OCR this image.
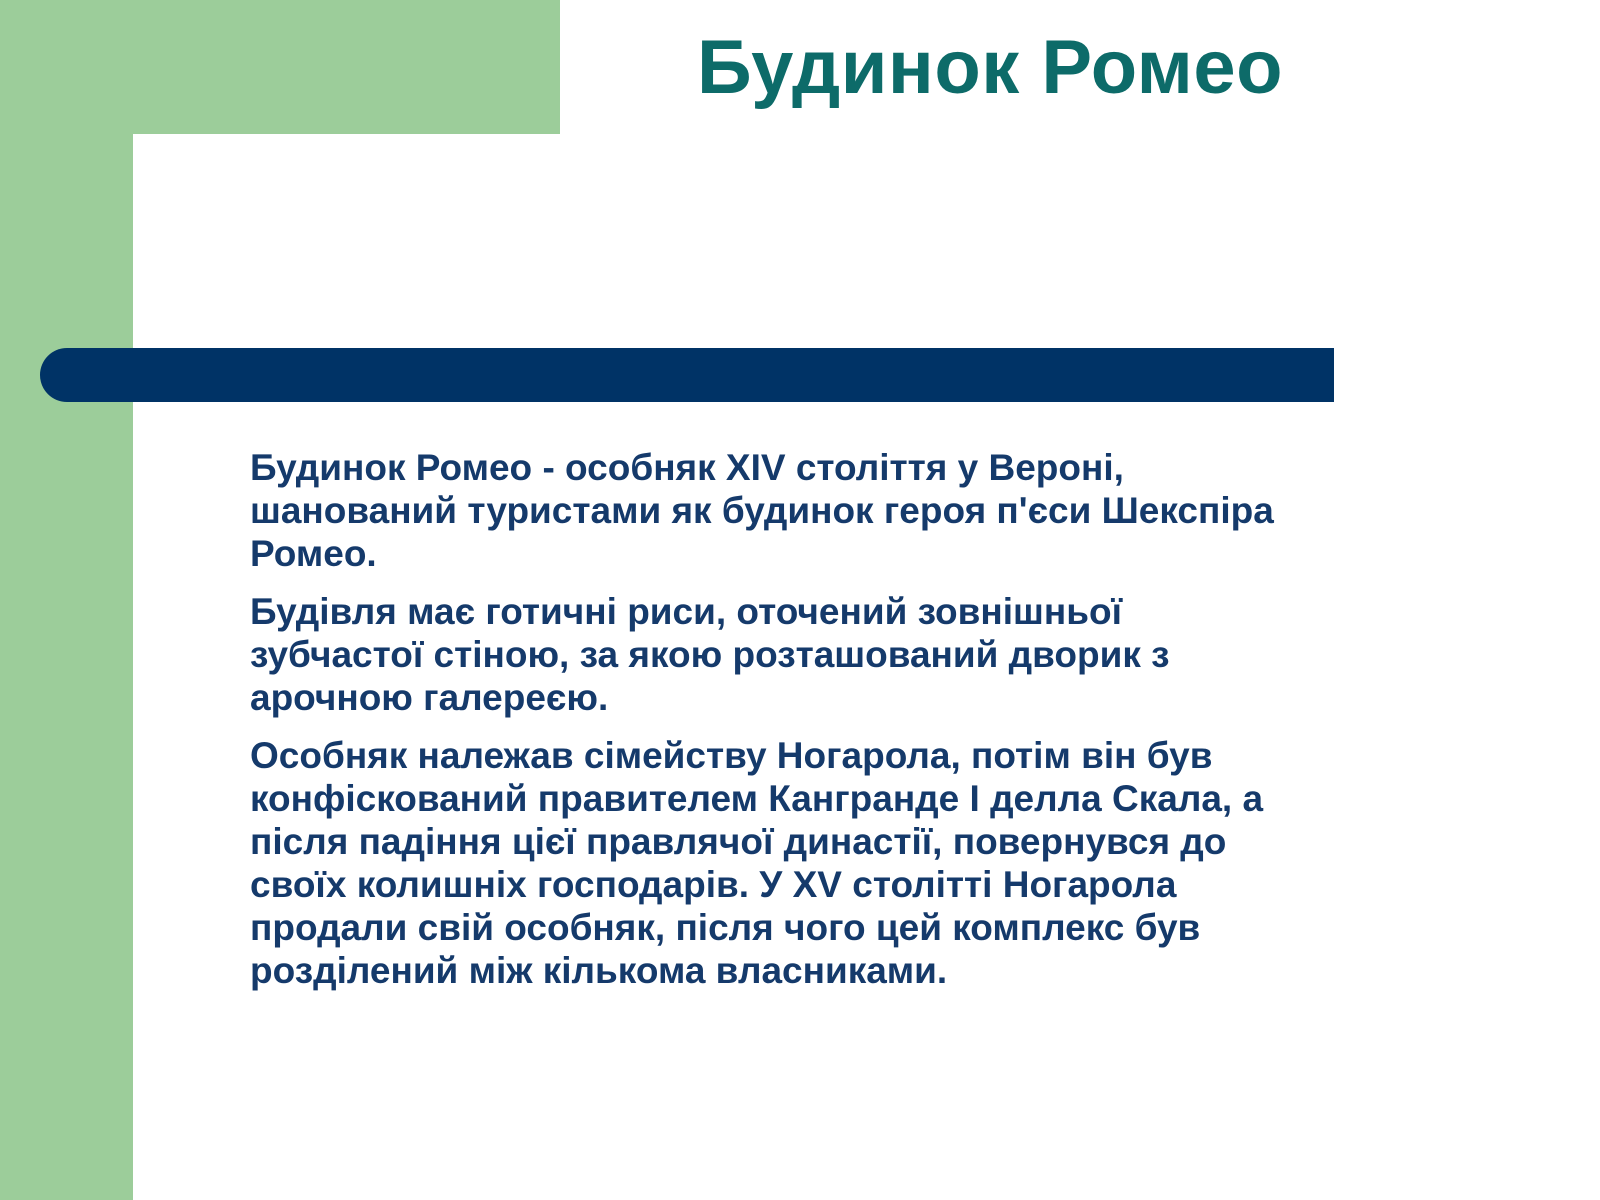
Будинок Ромео

Будинок Ромео - особняк XIV століття у Вероні, шанований туристами як будинок героя п'єси Шекспіра Ромео.

Будівля має готичні риси, оточений зовнішньої зубчастої стіною, за якою розташований дворик з арочною галереєю.

Особняк належав сімейству Ногарола, потім він був конфіскований правителем Кангранде I делла Скала, а після падіння цієї правлячої династії, повернувся до своїх колишніх господарів. У XV столітті Ногарола продали свій особняк, після чого цей комплекс був розділений між кількома власниками.
